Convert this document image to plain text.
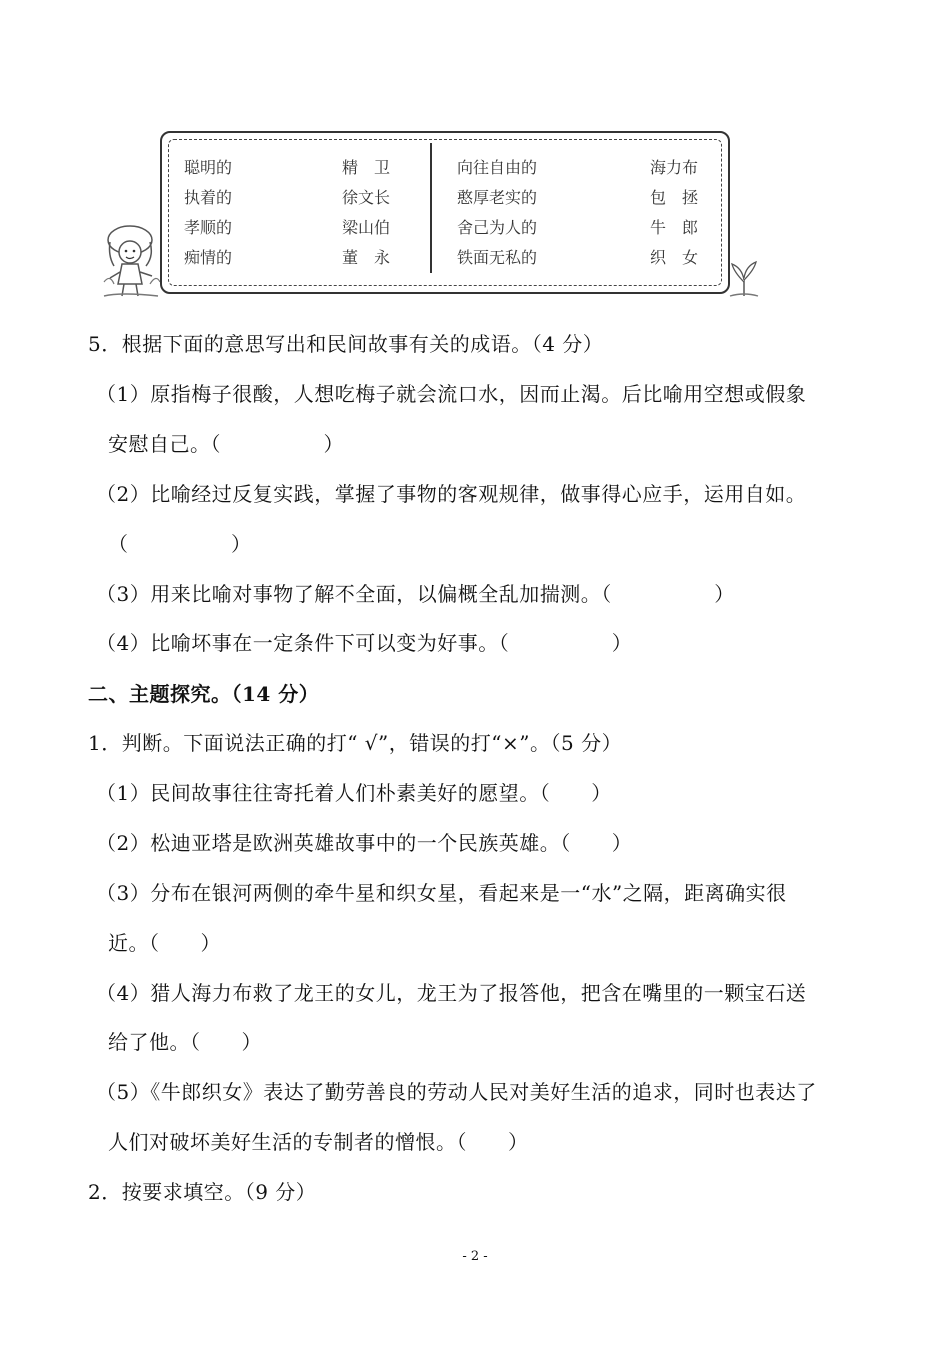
聪明的
执着的
孝顺的
痴情的
精　卫
徐文长
梁山伯
董　永
向往自由的
憨厚老实的
舍己为人的
铁面无私的
海力布
包　拯
牛　郎
织　女
5．根据下面的意思写出和民间故事有关的成语。（4 分）
（1）原指梅子很酸，人想吃梅子就会流口水，因而止渴。后比喻用空想或假象
安慰自己。（　　　　　）
（2）比喻经过反复实践，掌握了事物的客观规律，做事得心应手，运用自如。
（　　　　　）
（3）用来比喻对事物了解不全面，以偏概全乱加揣测。（　　　　　）
（4）比喻坏事在一定条件下可以变为好事。（　　　　　）
二、主题探究。（14 分）
1．判断。下面说法正确的打“ √”，错误的打“×”。（5 分）
（1）民间故事往往寄托着人们朴素美好的愿望。（　　）
（2）松迪亚塔是欧洲英雄故事中的一个民族英雄。（　　）
（3）分布在银河两侧的牵牛星和织女星，看起来是一“水”之隔，距离确实很
近。（　　）
（4）猎人海力布救了龙王的女儿，龙王为了报答他，把含在嘴里的一颗宝石送
给了他。（　　）
（5）《牛郎织女》表达了勤劳善良的劳动人民对美好生活的追求，同时也表达了
人们对破坏美好生活的专制者的憎恨。（　　）
2．按要求填空。（9 分）
- 2 -
